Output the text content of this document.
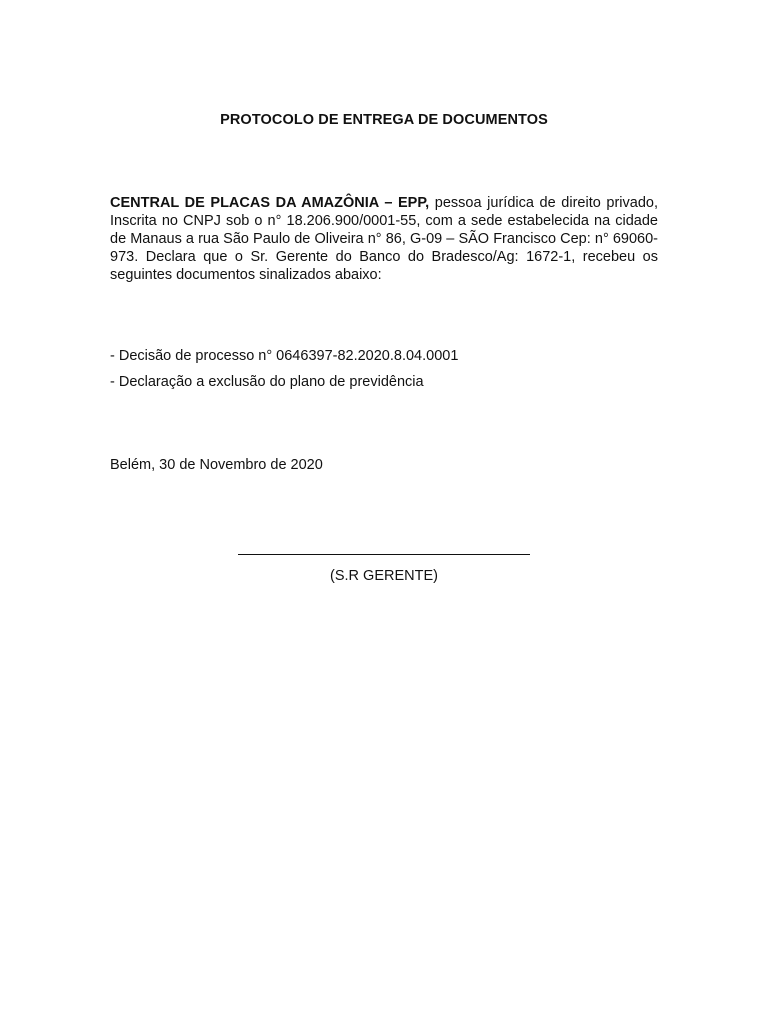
PROTOCOLO DE ENTREGA DE DOCUMENTOS
CENTRAL DE PLACAS DA AMAZÔNIA – EPP, pessoa jurídica de direito privado, Inscrita no CNPJ sob o n° 18.206.900/0001-55, com a sede estabelecida na cidade de Manaus a rua São Paulo de Oliveira n° 86, G-09 – SÃO Francisco Cep: n° 69060-973. Declara que o Sr. Gerente do Banco do Bradesco/Ag: 1672-1, recebeu os seguintes documentos sinalizados abaixo:
- Decisão de processo n° 0646397-82.2020.8.04.0001
- Declaração a exclusão do plano de previdência
Belém, 30 de Novembro de 2020
(S.R GERENTE)
